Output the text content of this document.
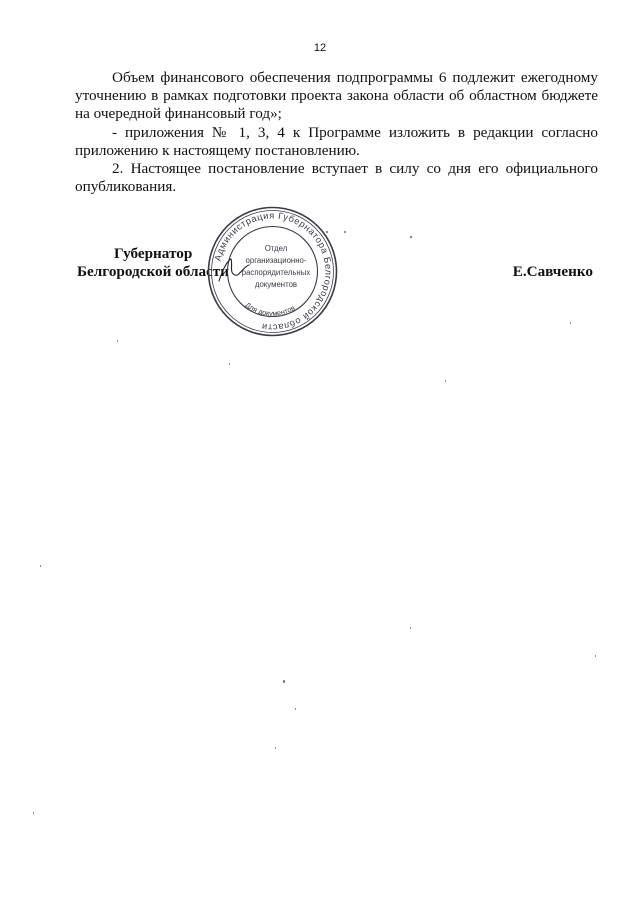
12

Объем финансового обеспечения подпрограммы 6 подлежит ежегодному уточнению в рамках подготовки проекта закона области об областном бюджете на очередной финансовый год»;

- приложения № 1, 3, 4 к Программе изложить в редакции согласно приложению к настоящему постановлению.

2. Настоящее постановление вступает в силу со дня его официального опубликования.

Губернатор
Белгородской области	Е.Савченко
Администрация Губернатора Белгородской области
Отдел
организационно-
распорядительных
документов
Для документов
